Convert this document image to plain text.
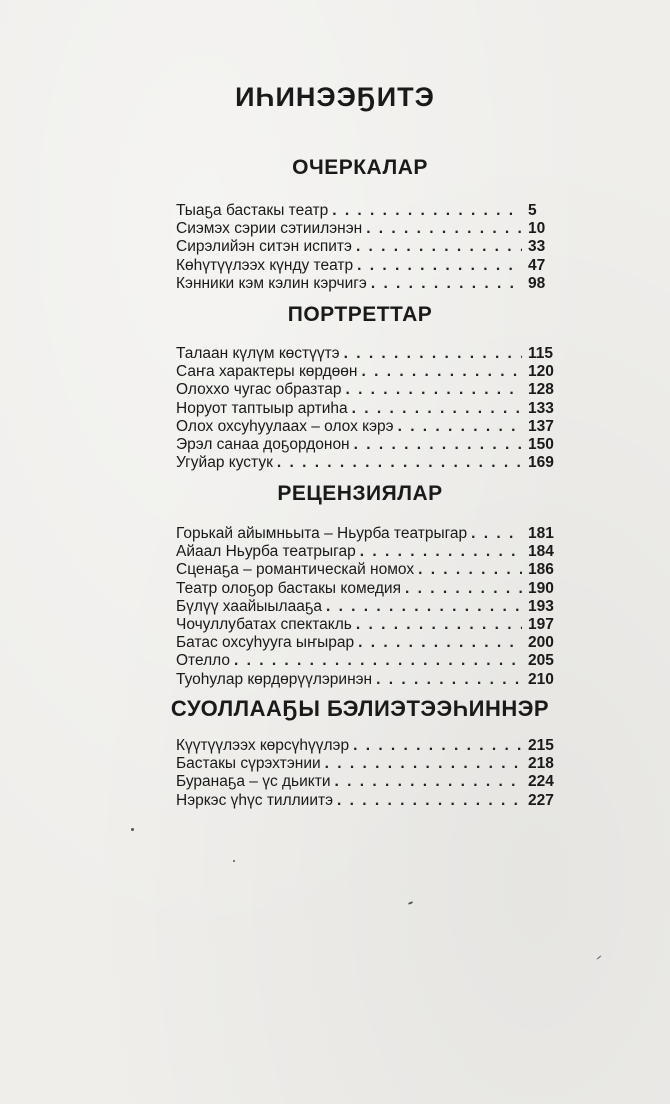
ИҺИНЭЭҔИТЭ
ОЧЕРКАЛАР
Тыаҕа бастакы театр . . .	5
Сиэмэх сэрии сэтиилэнэн . . .	10
Сирэлийэн ситэн испитэ . . .	33
Көһүтүүлээх күнду театр . . .	47
Кэнники кэм кэлин кэрчигэ . . .	98
ПОРТРЕТТАР
Талаан күлүм көстүүтэ . . .	115
Саҥа характеры көрдөөн . . .	120
Олоххо чугас образтар . . .	128
Норуот таптыыр артиһа . . .	133
Олох охсуһуулаах – олох кэрэ . . .	137
Эрэл санаа доҕордонон . . .	150
Угуйар кустук . . .	169
РЕЦЕНЗИЯЛАР
Горькай айымньыта – Ньурба театрыгар . . .	181
Айаал Ньурба театрыгар . . .	184
Сценаҕа – романтическай номох . . .	186
Театр олоҕор бастакы комедия . . .	190
Бүлүү хаайыылааҕа . . .	193
Чочуллубатах спектакль . . .	197
Батас охсуһууга ыҥырар . . .	200
Отелло . . .	205
Туоһулар көрдөрүүлэринэн . . .	210
СУОЛЛААҔЫ БЭЛИЭТЭЭҺИННЭР
Күүтүүлээх көрсүһүүлэр . . .	215
Бастакы сүрэхтэнии . . .	218
Буранаҕа – үс дьикти . . .	224
Нэркэс үһүс тиллиитэ . . .	227
